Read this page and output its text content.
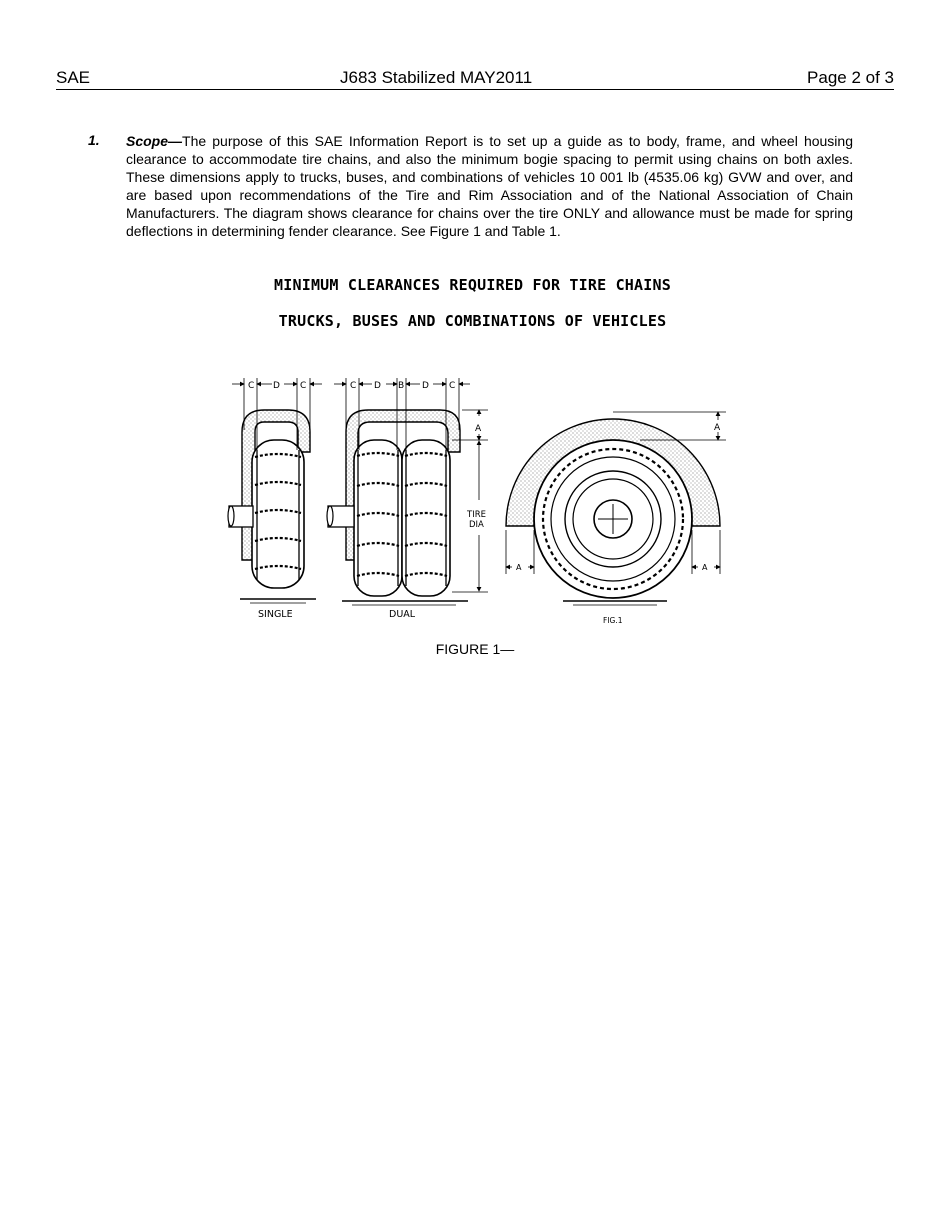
SAE	J683 Stabilized MAY2011	Page 2 of 3
1. Scope—The purpose of this SAE Information Report is to set up a guide as to body, frame, and wheel housing clearance to accommodate tire chains, and also the minimum bogie spacing to permit using chains on both axles. These dimensions apply to trucks, buses, and combinations of vehicles 10 001 lb (4535.06 kg) GVW and over, and are based upon recommendations of the Tire and Rim Association and of the National Association of Chain Manufacturers. The diagram shows clearance for chains over the tire ONLY and allowance must be made for spring deflections in determining fender clearance. See Figure 1 and Table 1.
MINIMUM CLEARANCES REQUIRED FOR TIRE CHAINS
TRUCKS, BUSES AND COMBINATIONS OF VEHICLES
C D C
SINGLE
C D B D C
A
TIRE
DIA
DUAL
A
A	A
FIG.1
FIGURE 1—
